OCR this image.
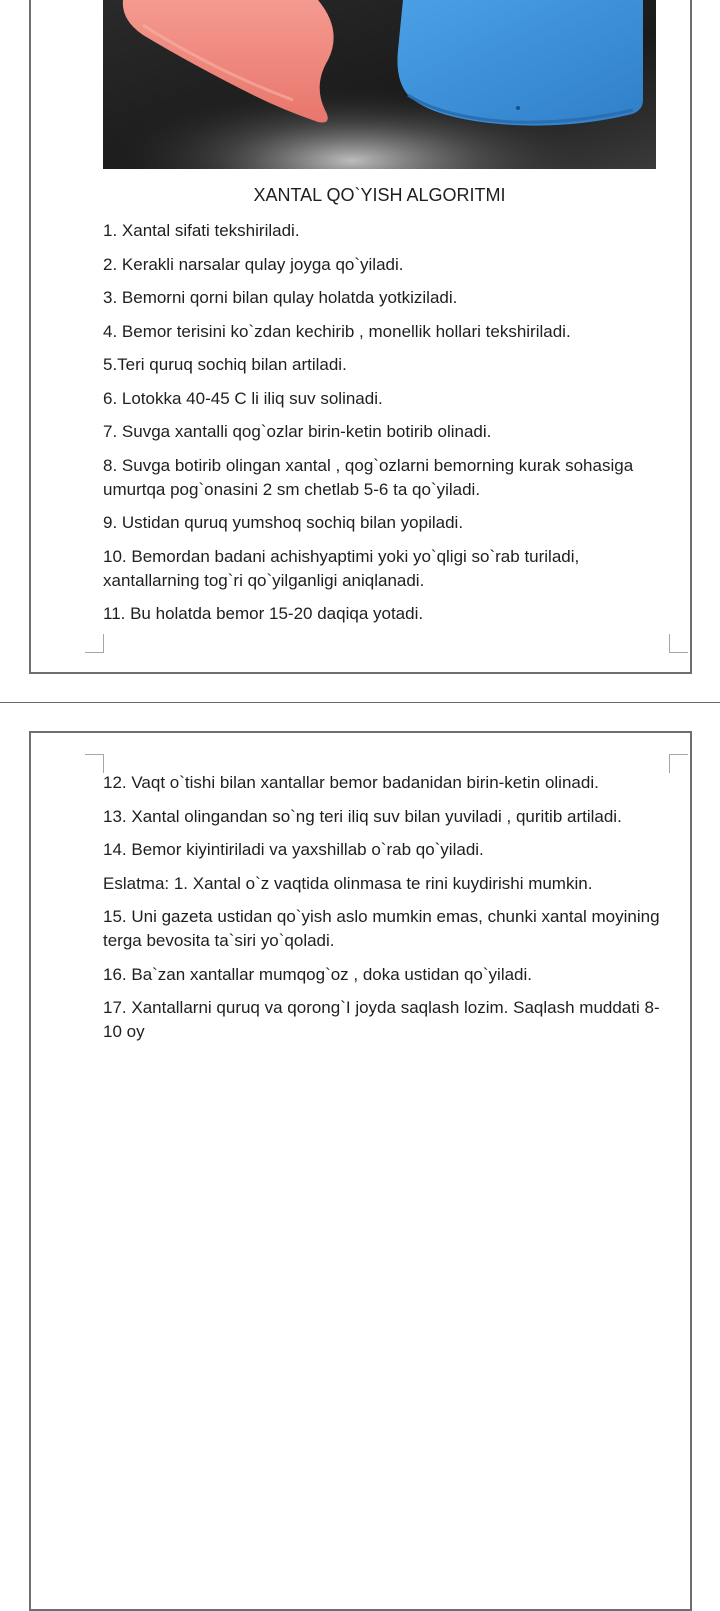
XANTAL QO`YISH ALGORITMI
1. Xantal sifati tekshiriladi.
2. Kerakli narsalar qulay joyga qo`yiladi.
3. Bemorni qorni bilan qulay holatda yotkiziladi.
4. Bemor terisini ko`zdan kechirib , monellik hollari tekshiriladi.
5.Teri quruq sochiq bilan artiladi.
6. Lotokka 40-45 C li iliq suv solinadi.
7. Suvga xantalli qog`ozlar birin-ketin botirib olinadi.
8. Suvga botirib olingan xantal , qog`ozlarni bemorning kurak sohasiga umurtqa pog`onasini 2 sm chetlab 5-6 ta qo`yiladi.
9. Ustidan quruq yumshoq sochiq bilan yopiladi.
10. Bemordan badani achishyaptimi yoki yo`qligi so`rab turiladi, xantallarning tog`ri qo`yilganligi aniqlanadi.
11. Bu holatda bemor 15-20 daqiqa yotadi.
12. Vaqt o`tishi bilan xantallar bemor badanidan birin-ketin olinadi.
13. Xantal olingandan so`ng teri iliq suv bilan yuviladi , quritib artiladi.
14. Bemor kiyintiriladi va yaxshillab o`rab qo`yiladi.
Eslatma: 1. Xantal o`z vaqtida olinmasa te rini kuydirishi mumkin.
15. Uni gazeta ustidan qo`yish aslo mumkin emas, chunki xantal moyining terga bevosita ta`siri yo`qoladi.
16. Ba`zan xantallar mumqog`oz , doka ustidan qo`yiladi.
17. Xantallarni quruq va qorong`I joyda saqlash lozim. Saqlash muddati 8-10 oy
